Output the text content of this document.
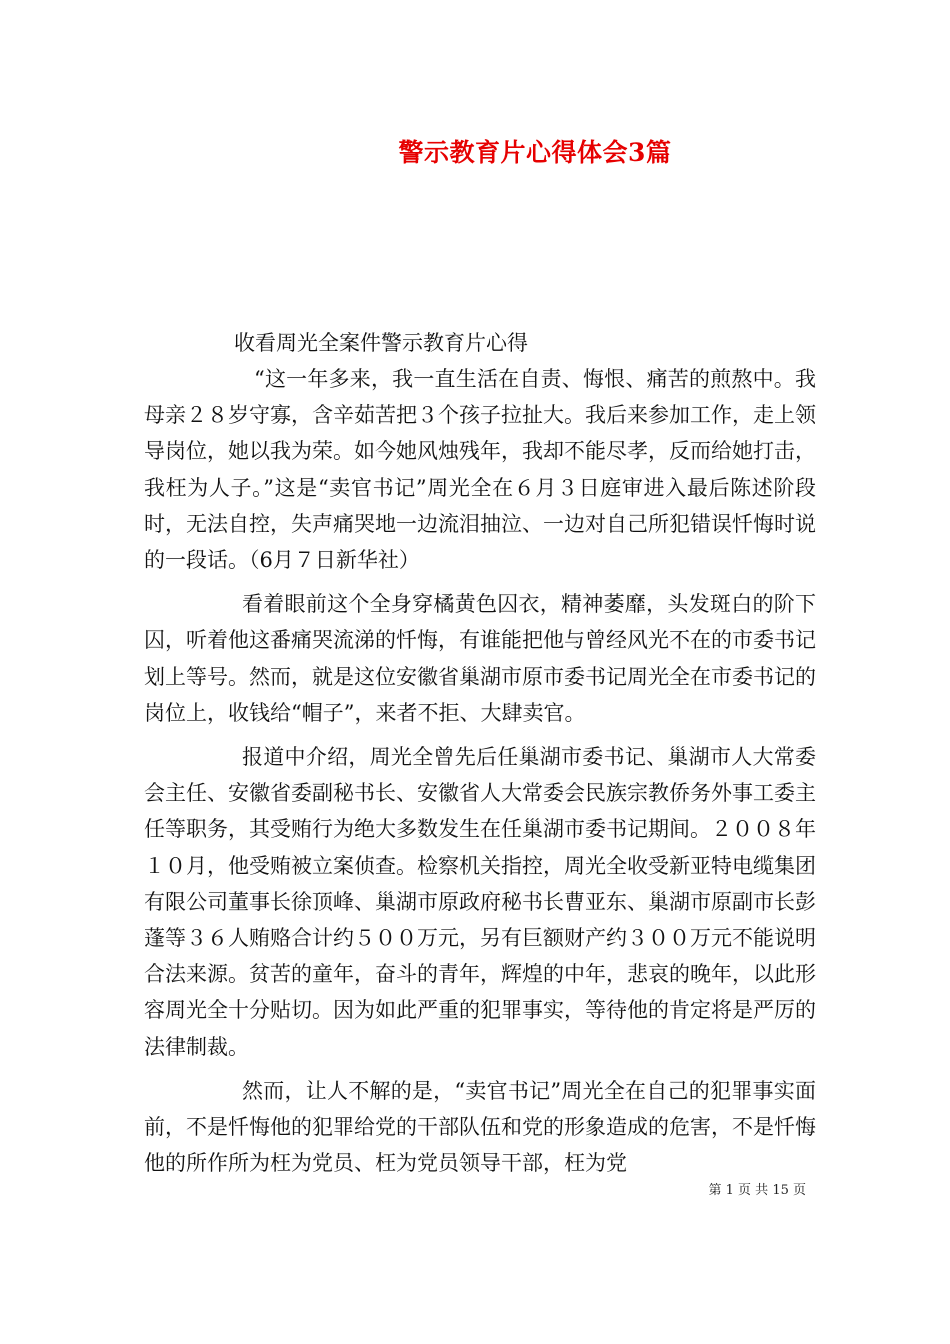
警示教育片心得体会3篇

收看周光全案件警示教育片心得

“这一年多来，我一直生活在自责、悔恨、痛苦的煎熬中。我母亲２８岁守寡，含辛茹苦把３个孩子拉扯大。我后来参加工作，走上领导岗位，她以我为荣。如今她风烛残年，我却不能尽孝，反而给她打击，我枉为人子。”这是“卖官书记”周光全在６月３日庭审进入最后陈述阶段时，无法自控，失声痛哭地一边流泪抽泣、一边对自己所犯错误忏悔时说的一段话。（6月７日新华社）

看着眼前这个全身穿橘黄色囚衣，精神萎靡，头发斑白的阶下囚，听着他这番痛哭流涕的忏悔，有谁能把他与曾经风光不在的市委书记划上等号。然而，就是这位安徽省巢湖市原市委书记周光全在市委书记的岗位上，收钱给“帽子”，来者不拒、大肆卖官。

报道中介绍，周光全曾先后任巢湖市委书记、巢湖市人大常委会主任、安徽省委副秘书长、安徽省人大常委会民族宗教侨务外事工委主任等职务，其受贿行为绝大多数发生在任巢湖市委书记期间。２００８年１０月，他受贿被立案侦查。检察机关指控，周光全收受新亚特电缆集团有限公司董事长徐顶峰、巢湖市原政府秘书长曹亚东、巢湖市原副市长彭蓬等３６人贿赂合计约５００万元，另有巨额财产约３００万元不能说明合法来源。贫苦的童年，奋斗的青年，辉煌的中年，悲哀的晚年，以此形容周光全十分贴切。因为如此严重的犯罪事实，等待他的肯定将是严厉的法律制裁。

然而，让人不解的是，“卖官书记”周光全在自己的犯罪事实面前，不是忏悔他的犯罪给党的干部队伍和党的形象造成的危害，不是忏悔他的所作所为枉为党员、枉为党员领导干部，枉为党

第 1 页 共 15 页
